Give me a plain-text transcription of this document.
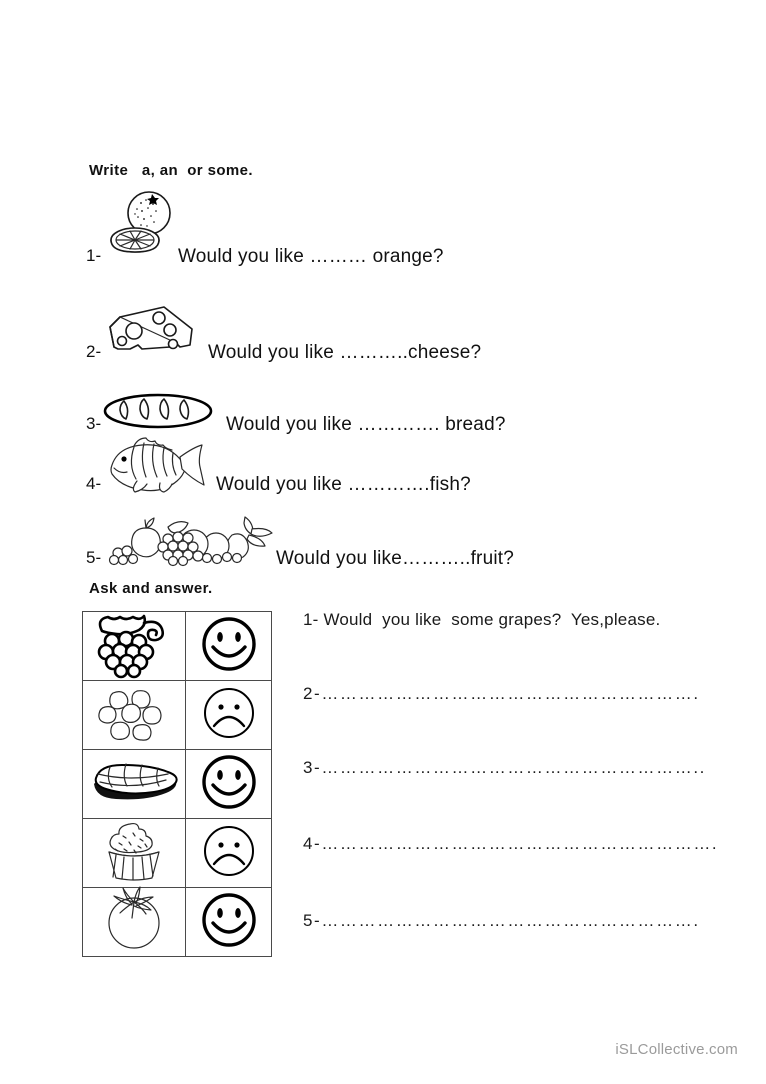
Write   a, an  or some.
1-	Would you like ……… orange?
2-	Would you like ………..cheese?
3-	Would you like …………. bread?
4-	Would you like ………….fish?
5-	Would you like………..fruit?
Ask and answer.

1- Would  you like  some grapes?  Yes,please.
2-…………………………………………………….
3-……………………………………………………..
4-……………………………………………………….
5-…………………………………………………….
iSLCollective.com
